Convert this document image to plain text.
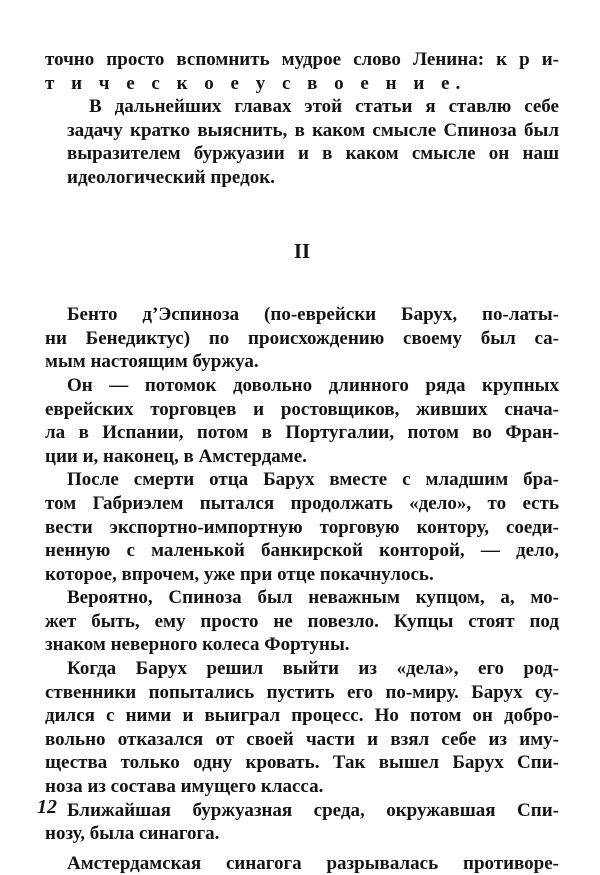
точно просто вспомнить мудрое слово Ленина: к р и-
т и ч е с к о е у с в о е н и е.

В дальнейших главах этой статьи я ставлю себе
задачу кратко выяснить, в каком смысле Спиноза был
выразителем буржуазии и в каком смысле он наш
идеологический предок.

II

Бенто д’Эспиноза (по-еврейски Барух, по-латы-
ни Бенедиктус) по происхождению своему был са-
мым настоящим буржуа.

Он — потомок довольно длинного ряда крупных
еврейских торговцев и ростовщиков, живших снача-
ла в Испании, потом в Португалии, потом во Фран-
ции и, наконец, в Амстердаме.

После смерти отца Барух вместе с младшим бра-
том Габриэлем пытался продолжать «дело», то есть
вести экспортно-импортную торговую контору, соеди-
ненную с маленькой банкирской конторой, — дело,
которое, впрочем, уже при отце покачнулось.

Вероятно, Спиноза был неважным купцом, а, мо-
жет быть, ему просто не повезло. Купцы стоят под
знаком неверного колеса Фортуны.

Когда Барух решил выйти из «дела», его род-
ственники попытались пустить его по-миру. Барух су-
дился с ними и выиграл процесс. Но потом он добро-
вольно отказался от своей части и взял себе из иму-
щества только одну кровать. Так вышел Барух Спи-
ноза из состава имущего класса.

Ближайшая буржуазная среда, окружавшая Спи-
нозу, была синагога.

Амстердамская синагога разрывалась противоре-

12
